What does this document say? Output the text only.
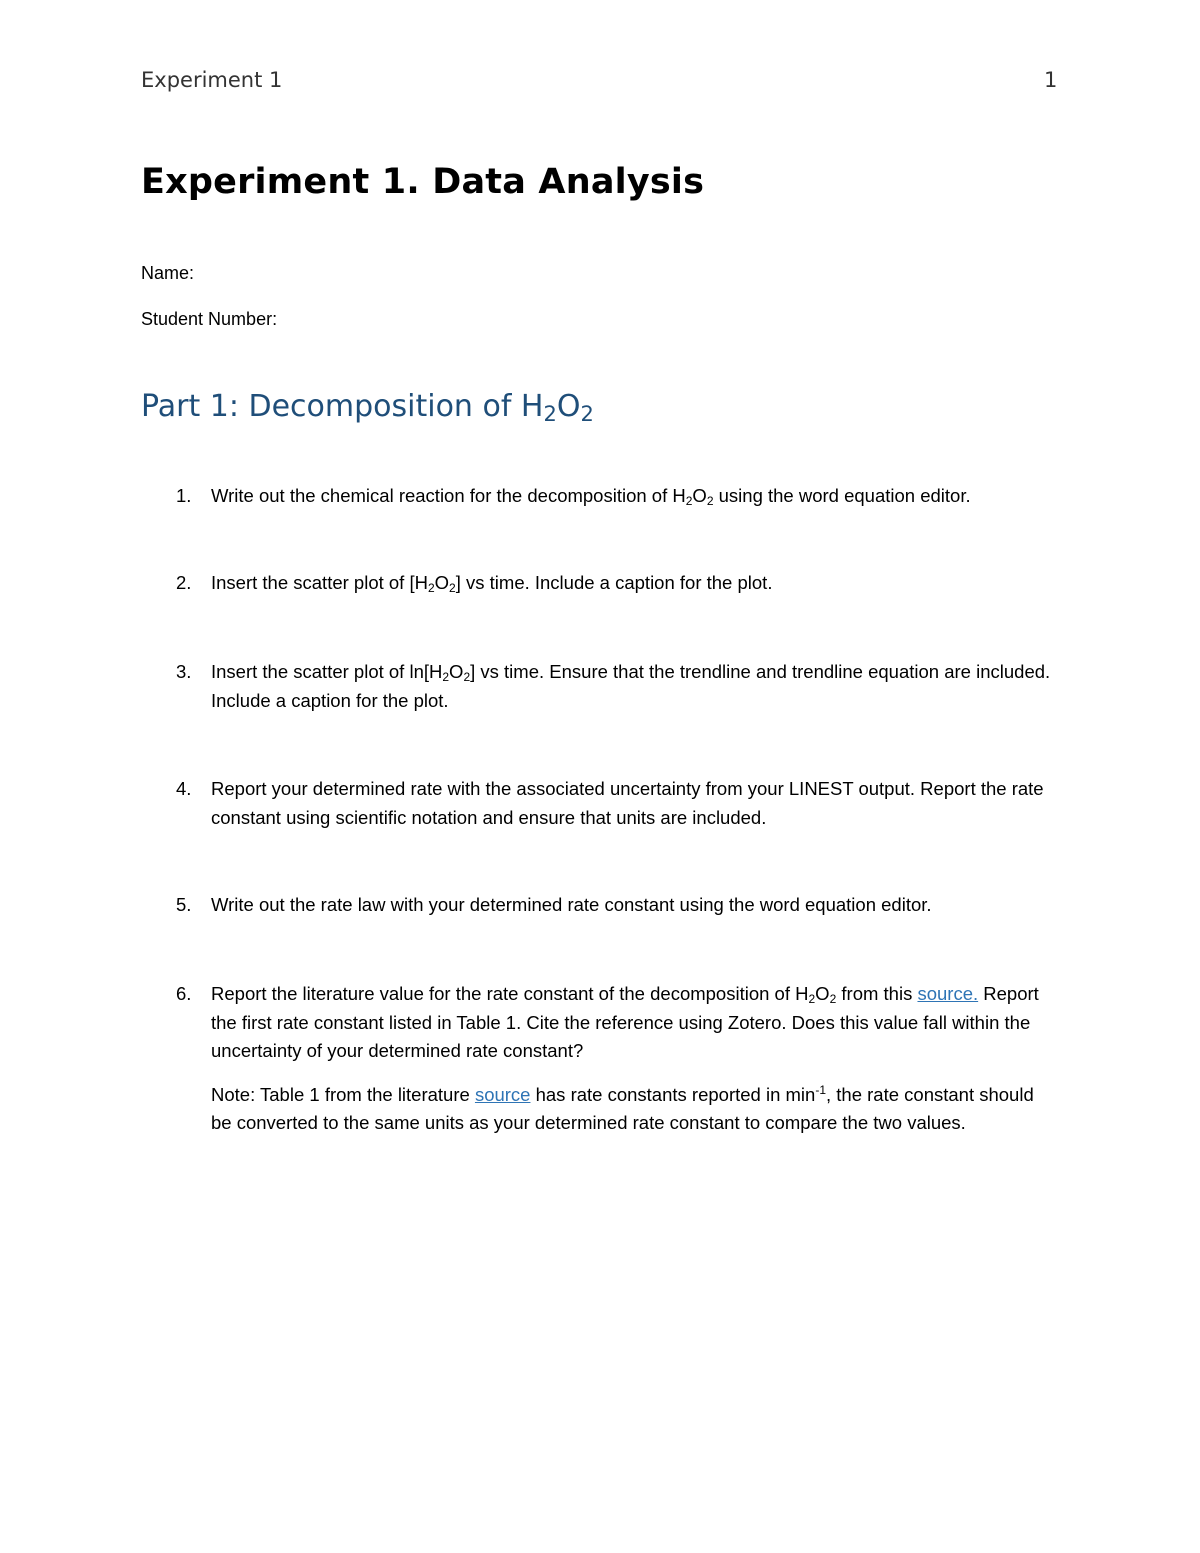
Experiment 1	1
Experiment 1. Data Analysis
Name:
Student Number:
Part 1: Decomposition of $H_2O_2$
1. Write out the chemical reaction for the decomposition of $H_2O_2$ using the word equation editor.
2. Insert the scatter plot of $[H_2O_2]$ vs time. Include a caption for the plot.
3. Insert the scatter plot of $\ln[H_2O_2]$ vs time. Ensure that the trendline and trendline equation are included. Include a caption for the plot.
4. Report your determined rate with the associated uncertainty from your LINEST output. Report the rate constant using scientific notation and ensure that units are included.
5. Write out the rate law with your determined rate constant using the word equation editor.
6. Report the literature value for the rate constant of the decomposition of $H_2O_2$ from this source. Report the first rate constant listed in Table 1. Cite the reference using Zotero. Does this value fall within the uncertainty of your determined rate constant?
Note: Table 1 from the literature source has rate constants reported in $\min^{-1}$, the rate constant should be converted to the same units as your determined rate constant to compare the two values.
